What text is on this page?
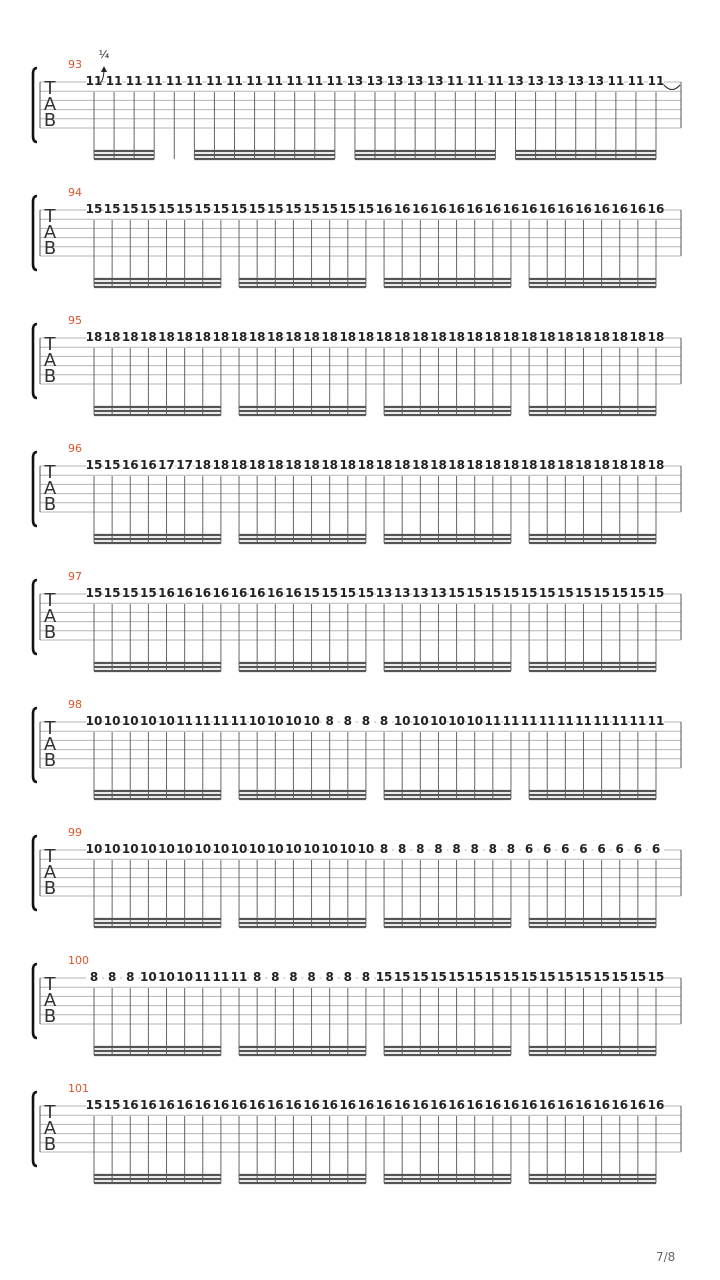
T
A
B
93
11 11 11 11 11 11 11 11 11 11 11 11 11 13 13 13 13 13 11 11 11 13 13 13 13 13 11 11 11
¼
T
A
B
94
15 15 15 15 15 15 15 15 15 15 15 15 15 15 15 15 16 16 16 16 16 16 16 16 16 16 16 16 16 16 16 16
T
A
B
95
18 18 18 18 18 18 18 18 18 18 18 18 18 18 18 18 18 18 18 18 18 18 18 18 18 18 18 18 18 18 18 18
T
A
B
96
15 15 16 16 17 17 18 18 18 18 18 18 18 18 18 18 18 18 18 18 18 18 18 18 18 18 18 18 18 18 18 18
T
A
B
97
15 15 15 15 16 16 16 16 16 16 16 16 15 15 15 15 13 13 13 13 15 15 15 15 15 15 15 15 15 15 15 15
T
A
B
98
10 10 10 10 10 11 11 11 11 10 10 10 10 8 8 8 8 10 10 10 10 10 11 11 11 11 11 11 11 11 11 11
T
A
B
99
10 10 10 10 10 10 10 10 10 10 10 10 10 10 10 10 8 8 8 8 8 8 8 8 6 6 6 6 6 6 6 6
T
A
B
100
8 8 8 10 10 10 11 11 11 8 8 8 8 8 8 8 15 15 15 15 15 15 15 15 15 15 15 15 15 15 15 15
T
A
B
101
15 15 16 16 16 16 16 16 16 16 16 16 16 16 16 16 16 16 16 16 16 16 16 16 16 16 16 16 16 16 16 16
7/8
